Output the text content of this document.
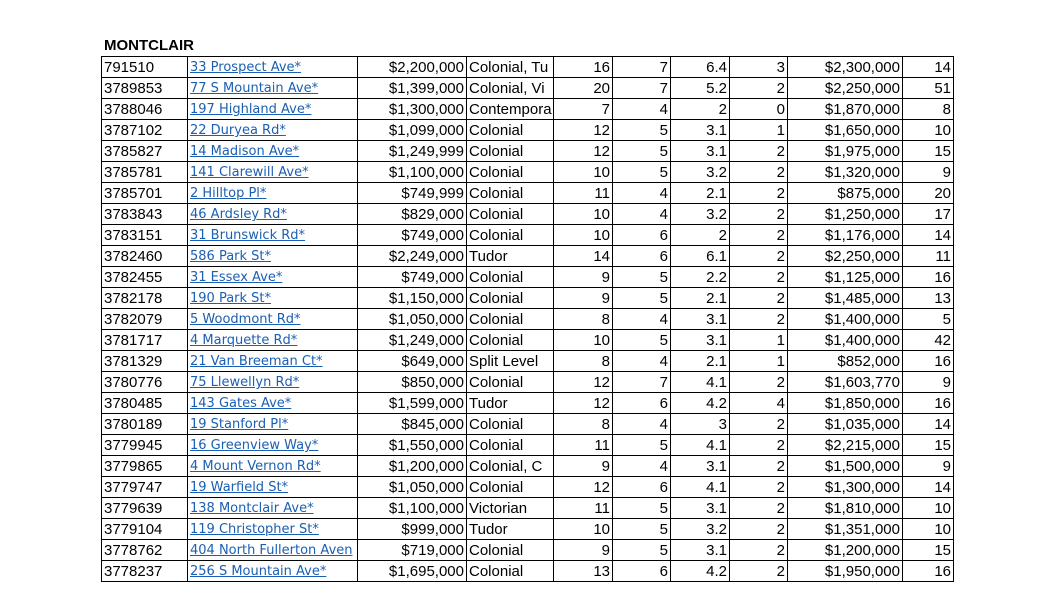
MONTCLAIR
791510	33 Prospect Ave*	$2,200,000	Colonial, Tu	16	7	6.4	3	$2,300,000	14
3789853	77 S Mountain Ave*	$1,399,000	Colonial, Vi	20	7	5.2	2	$2,250,000	51
3788046	197 Highland Ave*	$1,300,000	Contempora	7	4	2	0	$1,870,000	8
3787102	22 Duryea Rd*	$1,099,000	Colonial	12	5	3.1	1	$1,650,000	10
3785827	14 Madison Ave*	$1,249,999	Colonial	12	5	3.1	2	$1,975,000	15
3785781	141 Clarewill Ave*	$1,100,000	Colonial	10	5	3.2	2	$1,320,000	9
3785701	2 Hilltop Pl*	$749,999	Colonial	11	4	2.1	2	$875,000	20
3783843	46 Ardsley Rd*	$829,000	Colonial	10	4	3.2	2	$1,250,000	17
3783151	31 Brunswick Rd*	$749,000	Colonial	10	6	2	2	$1,176,000	14
3782460	586 Park St*	$2,249,000	Tudor	14	6	6.1	2	$2,250,000	11
3782455	31 Essex Ave*	$749,000	Colonial	9	5	2.2	2	$1,125,000	16
3782178	190 Park St*	$1,150,000	Colonial	9	5	2.1	2	$1,485,000	13
3782079	5 Woodmont Rd*	$1,050,000	Colonial	8	4	3.1	2	$1,400,000	5
3781717	4 Marquette Rd*	$1,249,000	Colonial	10	5	3.1	1	$1,400,000	42
3781329	21 Van Breeman Ct*	$649,000	Split Level	8	4	2.1	1	$852,000	16
3780776	75 Llewellyn Rd*	$850,000	Colonial	12	7	4.1	2	$1,603,770	9
3780485	143 Gates Ave*	$1,599,000	Tudor	12	6	4.2	4	$1,850,000	16
3780189	19 Stanford Pl*	$845,000	Colonial	8	4	3	2	$1,035,000	14
3779945	16 Greenview Way*	$1,550,000	Colonial	11	5	4.1	2	$2,215,000	15
3779865	4 Mount Vernon Rd*	$1,200,000	Colonial, C	9	4	3.1	2	$1,500,000	9
3779747	19 Warfield St*	$1,050,000	Colonial	12	6	4.1	2	$1,300,000	14
3779639	138 Montclair Ave*	$1,100,000	Victorian	11	5	3.1	2	$1,810,000	10
3779104	119 Christopher St*	$999,000	Tudor	10	5	3.2	2	$1,351,000	10
3778762	404 North Fullerton Aven	$719,000	Colonial	9	5	3.1	2	$1,200,000	15
3778237	256 S Mountain Ave*	$1,695,000	Colonial	13	6	4.2	2	$1,950,000	16
